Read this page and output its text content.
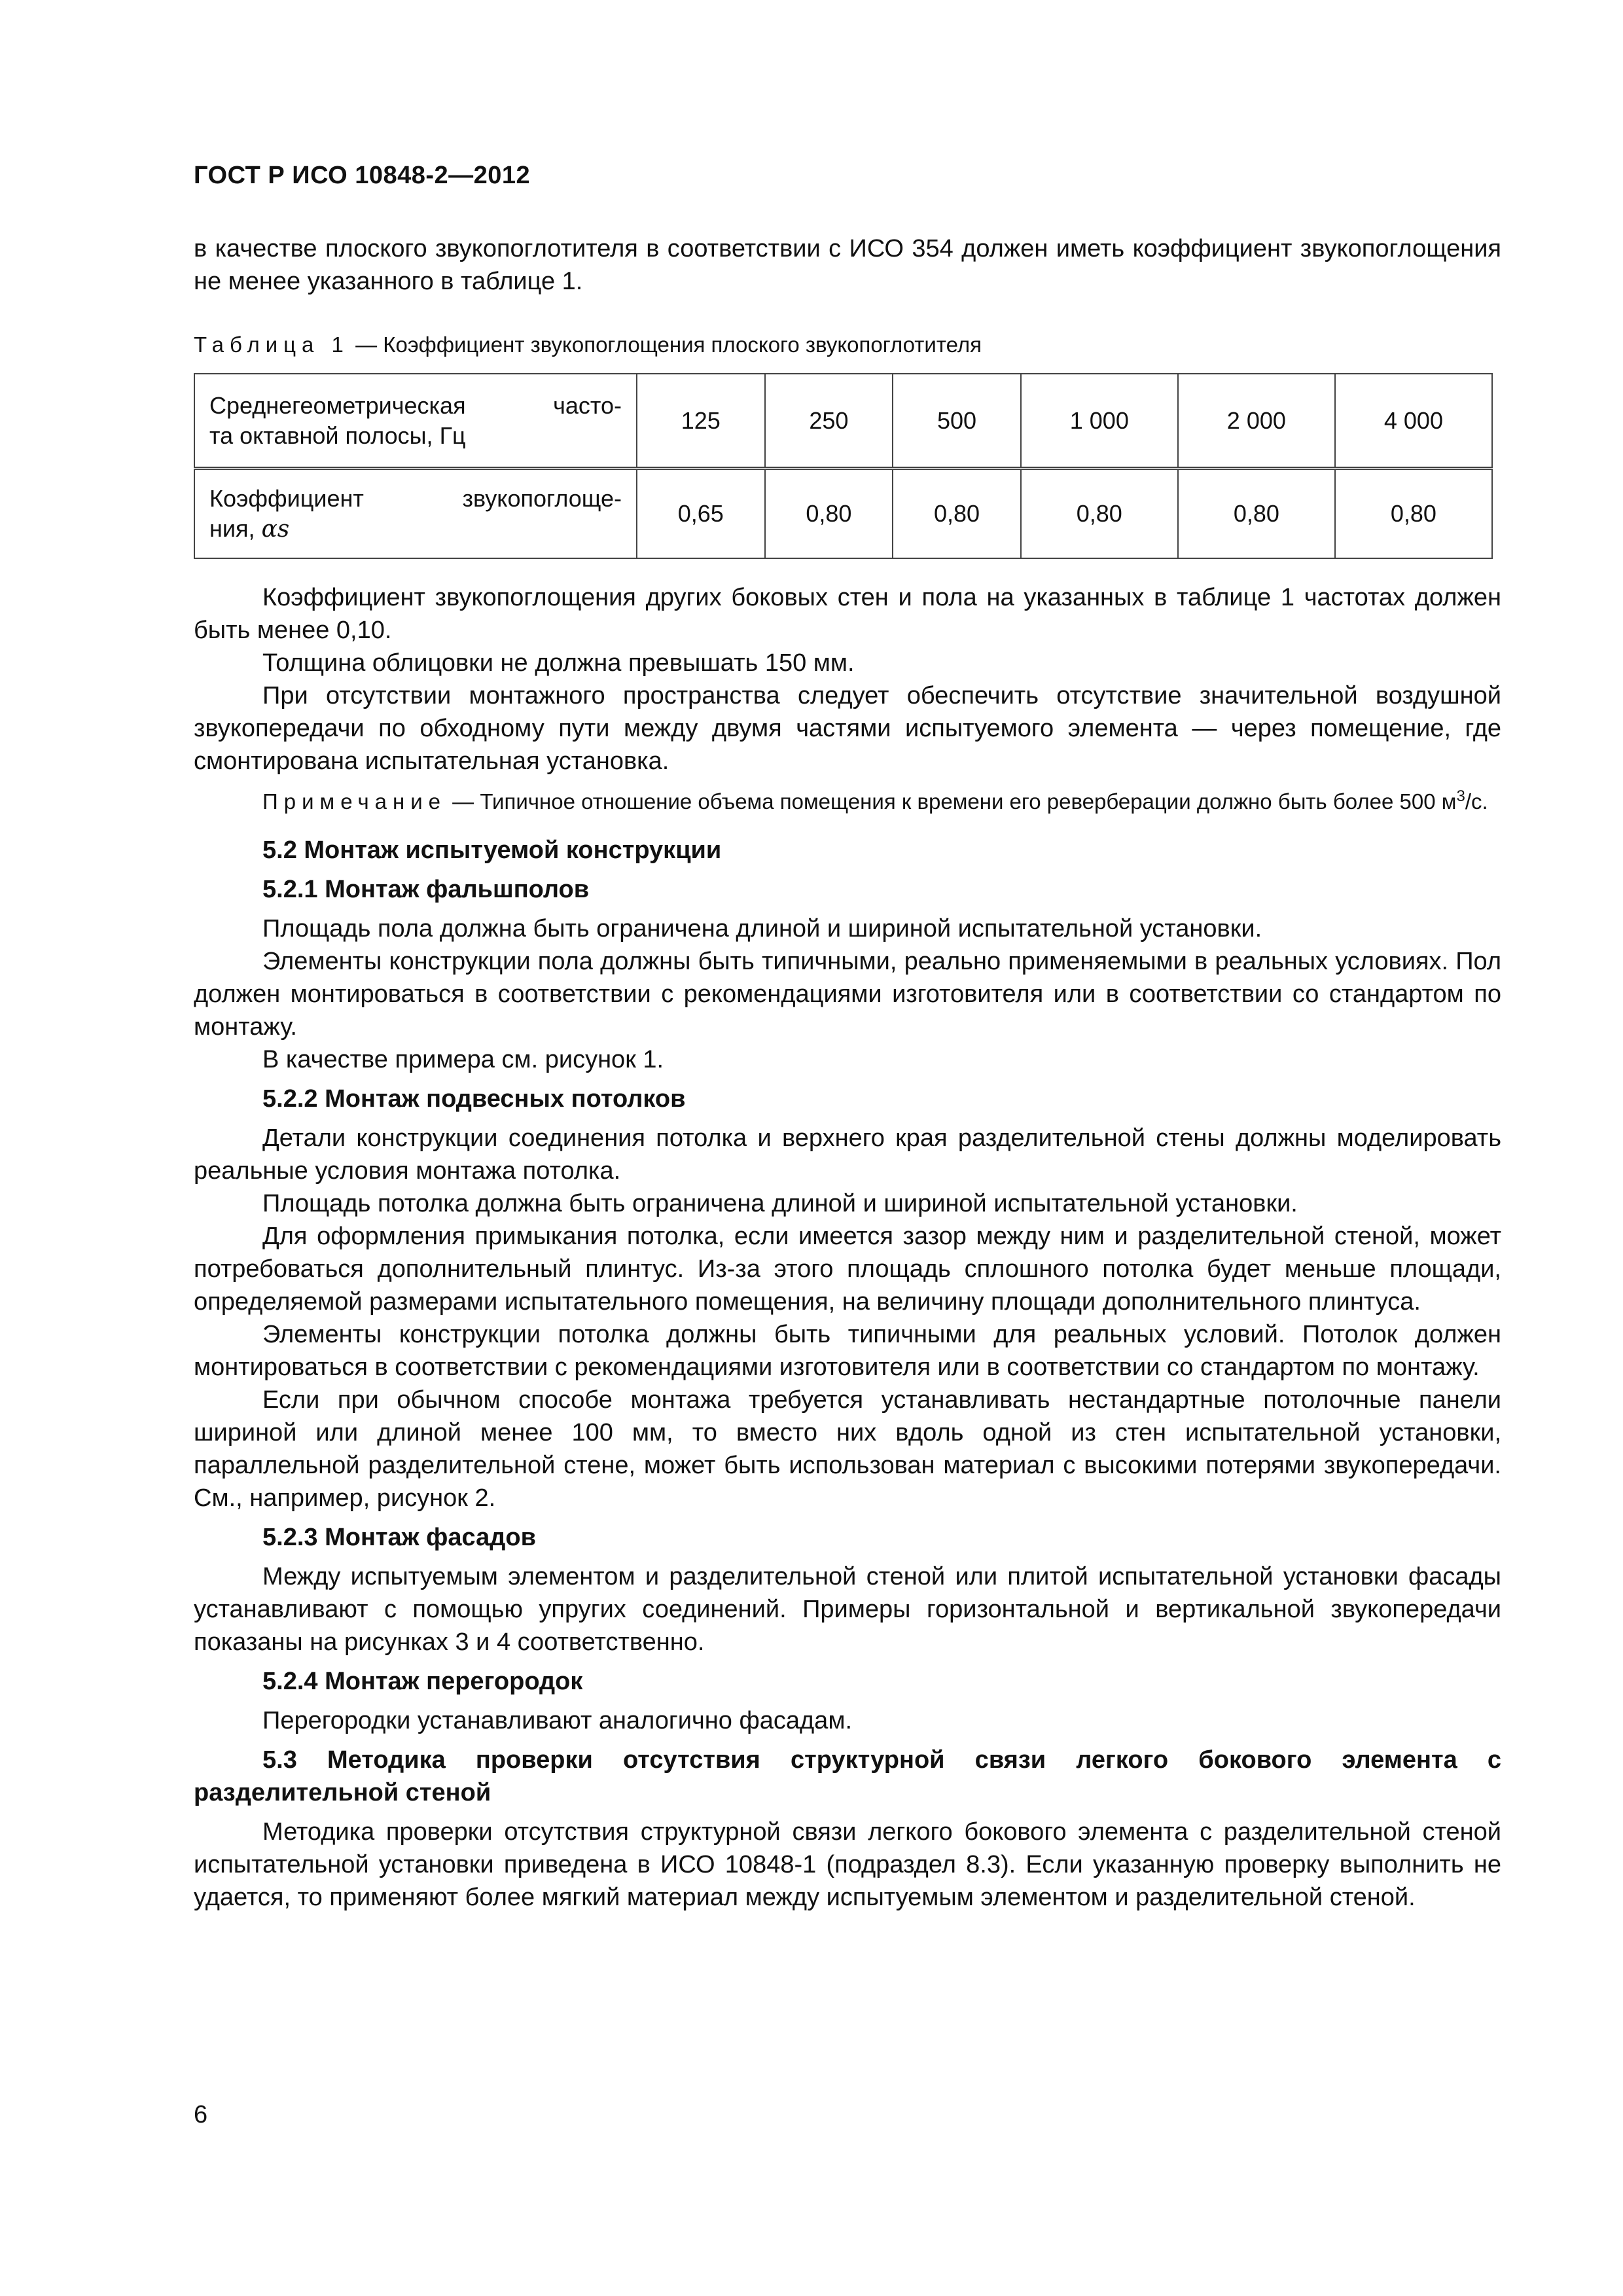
ГОСТ Р ИСО 10848-2—2012

в качестве плоского звукопоглотителя в соответствии с ИСО 354 должен иметь коэффициент звукопоглощения не менее указанного в таблице 1.

Таблица 1 — Коэффициент звукопоглощения плоского звукопоглотителя
Среднегеометрическая часто-
та октавной полосы, Гц	125	250	500	1 000	2 000	4 000

Коэффициент звукопоглоще-
ния, αs	0,65	0,80	0,80	0,80	0,80	0,80

Коэффициент звукопоглощения других боковых стен и пола на указанных в таблице 1 частотах должен быть менее 0,10.

Толщина облицовки не должна превышать 150 мм.

При отсутствии монтажного пространства следует обеспечить отсутствие значительной воздушной звукопередачи по обходному пути между двумя частями испытуемого элемента — через помещение, где смонтирована испытательная установка.

Примечание — Типичное отношение объема помещения к времени его реверберации должно быть более 500 $м^3/с$.

5.2 Монтаж испытуемой конструкции

5.2.1 Монтаж фальшполов

Площадь пола должна быть ограничена длиной и шириной испытательной установки.

Элементы конструкции пола должны быть типичными, реально применяемыми в реальных условиях. Пол должен монтироваться в соответствии с рекомендациями изготовителя или в соответствии со стандартом по монтажу.

В качестве примера см. рисунок 1.

5.2.2 Монтаж подвесных потолков

Детали конструкции соединения потолка и верхнего края разделительной стены должны моделировать реальные условия монтажа потолка.

Площадь потолка должна быть ограничена длиной и шириной испытательной установки.

Для оформления примыкания потолка, если имеется зазор между ним и разделительной стеной, может потребоваться дополнительный плинтус. Из-за этого площадь сплошного потолка будет меньше площади, определяемой размерами испытательного помещения, на величину площади дополнительного плинтуса.

Элементы конструкции потолка должны быть типичными для реальных условий. Потолок должен монтироваться в соответствии с рекомендациями изготовителя или в соответствии со стандартом по монтажу.

Если при обычном способе монтажа требуется устанавливать нестандартные потолочные панели шириной или длиной менее 100 мм, то вместо них вдоль одной из стен испытательной установки, параллельной разделительной стене, может быть использован материал с высокими потерями звукопередачи. См., например, рисунок 2.

5.2.3 Монтаж фасадов

Между испытуемым элементом и разделительной стеной или плитой испытательной установки фасады устанавливают с помощью упругих соединений. Примеры горизонтальной и вертикальной звукопередачи показаны на рисунках 3 и 4 соответственно.

5.2.4 Монтаж перегородок

Перегородки устанавливают аналогично фасадам.

5.3 Методика проверки отсутствия структурной связи легкого бокового элемента с разделительной стеной

Методика проверки отсутствия структурной связи легкого бокового элемента с разделительной стеной испытательной установки приведена в ИСО 10848-1 (подраздел 8.3). Если указанную проверку выполнить не удается, то применяют более мягкий материал между испытуемым элементом и разделительной стеной.

6
